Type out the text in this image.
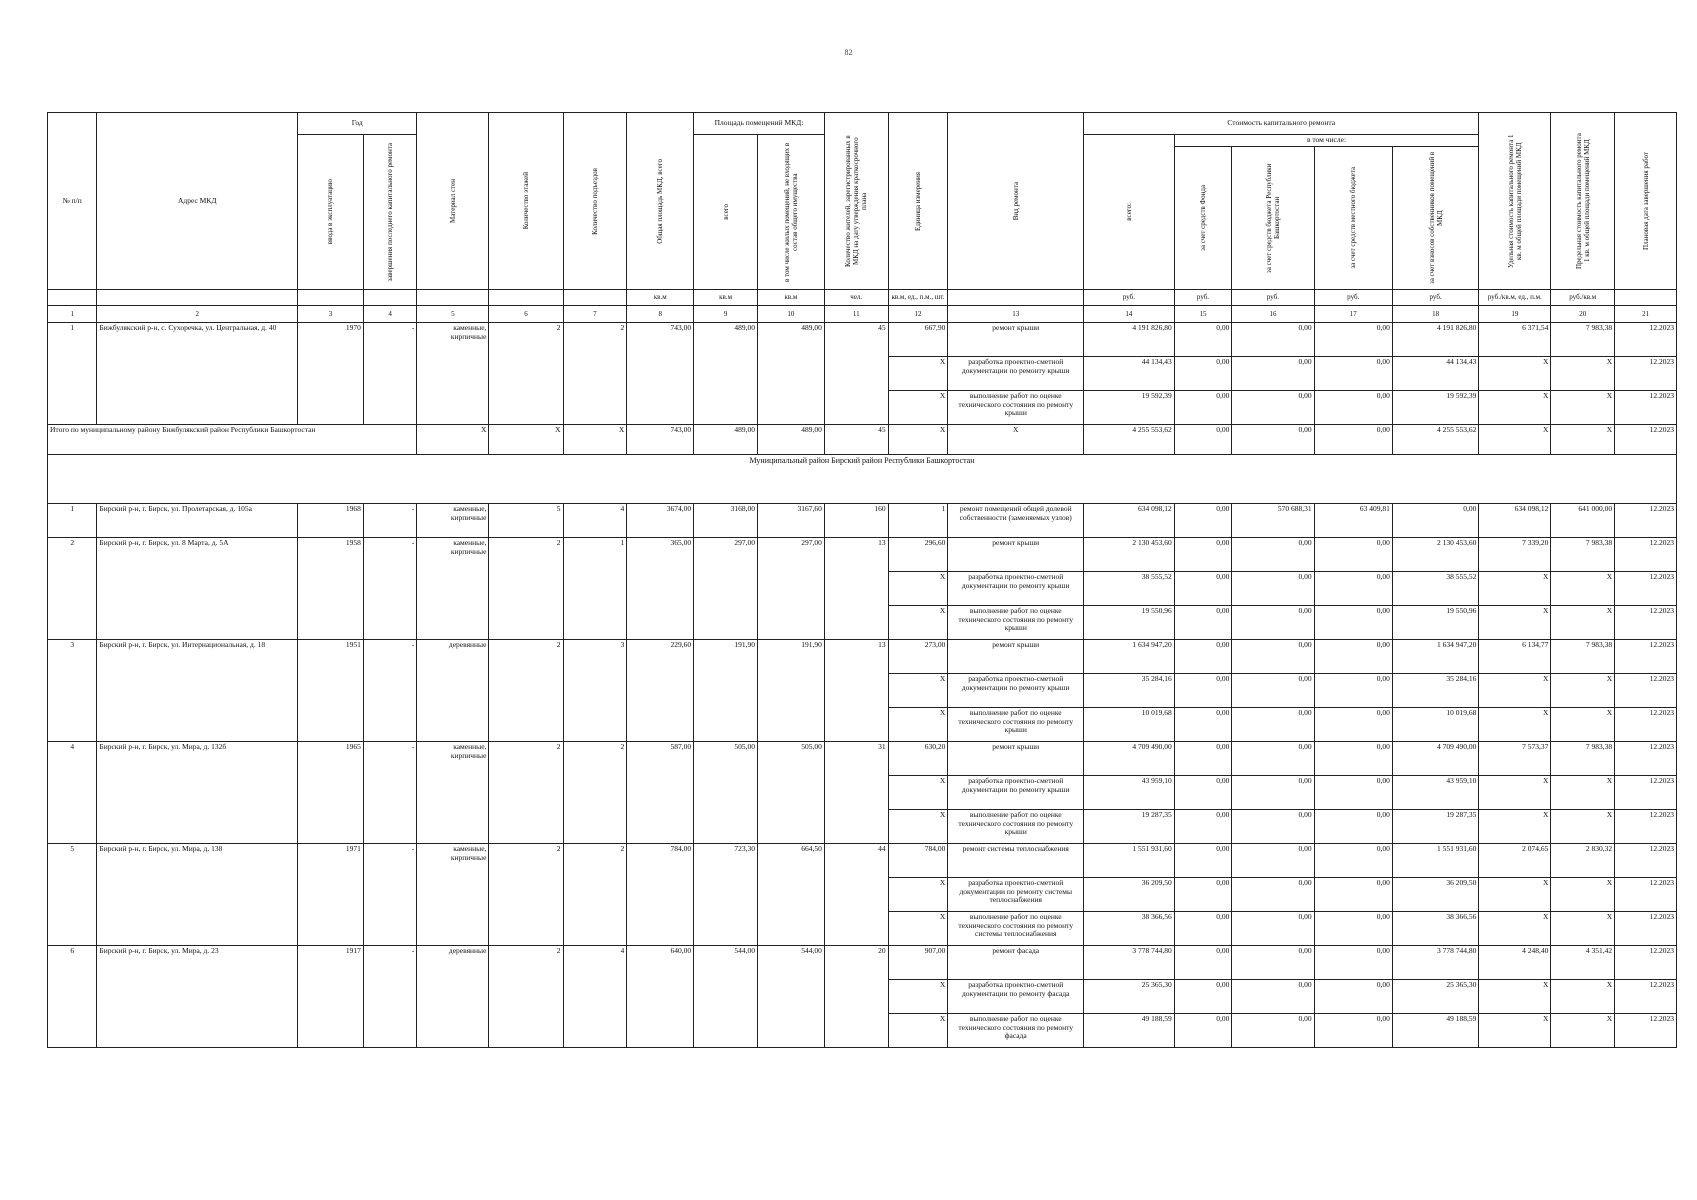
82
№ п/п	Адрес МКД	Год		Материал стен	Количество этажей	Количество подъездов	Общая площадь МКД, всего	Площадь помещений МКД:		Количество жителей, зарегистрированных в МКД на дату утверждения краткосрочного плана	Единица измерения	Вид ремонта	Стоимость капитального ремонта					Удельная стоимость капитального ремонта 1 кв. м общей площади помещений МКД	Предельная стоимость капитального ремонта 1 кв. м общей площади помещений МКД	Плановая дата завершения работ

		ввода в эксплуатацию	завершения последнего капитального ремонта					всего	в том числе жилых помещений, не входящих в состав общего имущества				всего:	в том числе:						

														за счет средств Фонда	за счет средств бюджета Республики Башкортостан	за счет средств местного бюджета	за счет взносов собственников помещений в МКД			

							кв.м	кв.м	кв.м	чел.	кв.м, ед., п.м., шт.		руб.	руб.	руб.	руб.	руб.	руб./кв.м, ед., п.м.	руб./кв.м	
1	2	3	4	5	6	7	8	9	10	11	12	13	14	15	16	17	18	19	20	21
1	Бижбулякский р-н, с. Сухоречка, ул. Центральная, д. 40	1970	-	каменные, кирпичные	2	2	743,00	489,00	489,00	45	667,90	ремонт крыши	4 191 826,80	0,00	0,00	0,00	4 191 826,80	6 371,54	7 983,38	12.2023
											X	разработка проектно-сметной документации по ремонту крыши	44 134,43	0,00	0,00	0,00	44 134,43	X	X	12.2023
											X	выполнение работ по оценке технического состояния по ремонту крыши	19 592,39	0,00	0,00	0,00	19 592,39	X	X	12.2023
Итого по муниципальному району Бижбулякский район Республики Башкортостан				X	X	X	743,00	489,00	489,00	45	X	X	4 255 553,62	0,00	0,00	0,00	4 255 553,62	X	X	12.2023
Муниципальный район Бирский район Республики Башкортостан																				
1	Бирский р-н, г. Бирск, ул. Пролетарская, д. 105а	1968	-	каменные, кирпичные	5	4	3674,00	3168,00	3167,60	160	1	ремонт помещений общей долевой собственности (заменяемых узлов)	634 098,12	0,00	570 688,31	63 409,81	0,00	634 098,12	641 000,00	12.2023
2	Бирский р-н, г. Бирск, ул. 8 Марта, д. 5А	1958	-	каменные, кирпичные	2	1	365,00	297,00	297,00	13	296,60	ремонт крыши	2 130 453,60	0,00	0,00	0,00	2 130 453,60	7 339,20	7 983,38	12.2023
											X	разработка проектно-сметной документации по ремонту крыши	38 555,52	0,00	0,00	0,00	38 555,52	X	X	12.2023
											X	выполнение работ по оценке технического состояния по ремонту крыши	19 550,96	0,00	0,00	0,00	19 550,96	X	X	12.2023
3	Бирский р-н, г. Бирск, ул. Интернациональная, д. 18	1951	-	деревянные	2	3	229,60	191,90	191,90	13	273,00	ремонт крыши	1 634 947,20	0,00	0,00	0,00	1 634 947,20	6 134,77	7 983,38	12.2023
											X	разработка проектно-сметной документации по ремонту крыши	35 284,16	0,00	0,00	0,00	35 284,16	X	X	12.2023
											X	выполнение работ по оценке технического состояния по ремонту крыши	10 019,68	0,00	0,00	0,00	10 019,68	X	X	12.2023
4	Бирский р-н, г. Бирск, ул. Мира, д. 132б	1965	-	каменные, кирпичные	2	2	587,00	505,00	505,00	31	630,20	ремонт крыши	4 709 490,00	0,00	0,00	0,00	4 709 490,00	7 573,37	7 983,38	12.2023
											X	разработка проектно-сметной документации по ремонту крыши	43 959,10	0,00	0,00	0,00	43 959,10	X	X	12.2023
											X	выполнение работ по оценке технического состояния по ремонту крыши	19 287,35	0,00	0,00	0,00	19 287,35	X	X	12.2023
5	Бирский р-н, г. Бирск, ул. Мира, д. 138	1971	-	каменные, кирпичные	2	2	784,00	723,30	664,50	44	784,00	ремонт системы теплоснабжения	1 551 931,60	0,00	0,00	0,00	1 551 931,60	2 074,65	2 830,32	12.2023
											X	разработка проектно-сметной документации по ремонту системы теплоснабжения	36 209,50	0,00	0,00	0,00	36 209,50	X	X	12.2023
											X	выполнение работ по оценке технического состояния по ремонту системы теплоснабжения	38 366,56	0,00	0,00	0,00	38 366,56	X	X	12.2023
6	Бирский р-н, г. Бирск, ул. Мира, д. 23	1917	-	деревянные	2	4	640,00	544,00	544,00	20	907,00	ремонт фасада	3 778 744,80	0,00	0,00	0,00	3 778 744,80	4 248,40	4 351,42	12.2023
											X	разработка проектно-сметной документации по ремонту фасада	25 365,30	0,00	0,00	0,00	25 365,30	X	X	12.2023
											X	выполнение работ по оценке технического состояния по ремонту фасада	49 188,59	0,00	0,00	0,00	49 188,59	X	X	12.2023
